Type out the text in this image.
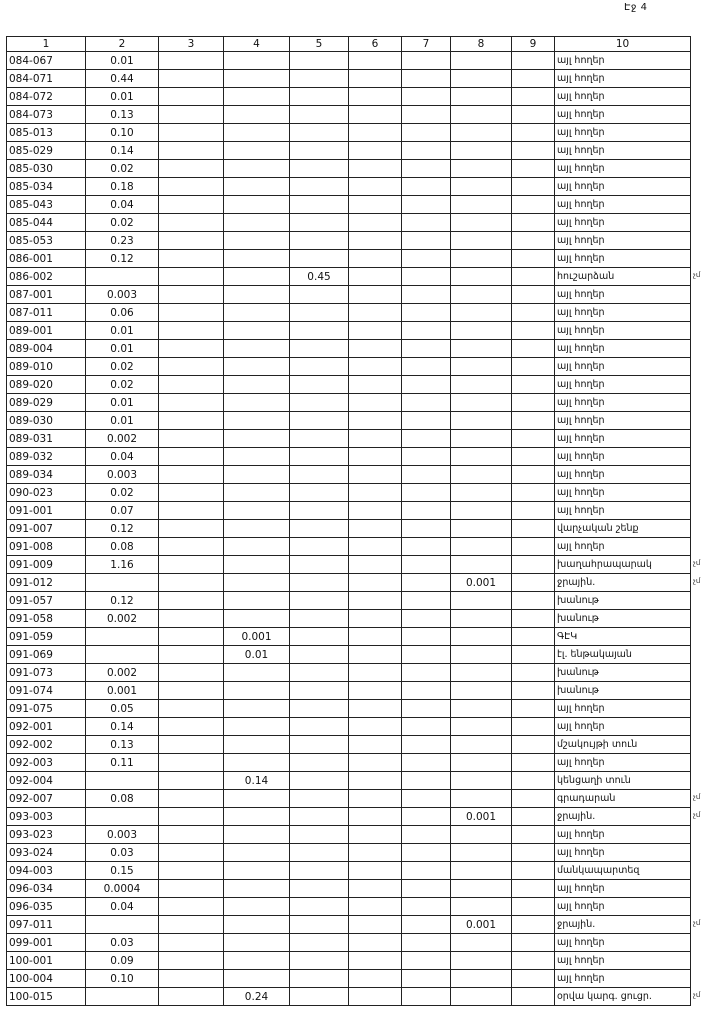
Էջ 4
1	2	3	4	5	6	7	8	9	10
084-067	0.01								այլ հողեր
084-071	0.44								այլ հողեր
084-072	0.01								այլ հողեր
084-073	0.13								այլ հողեր
085-013	0.10								այլ հողեր
085-029	0.14								այլ հողեր
085-030	0.02								այլ հողեր
085-034	0.18								այլ հողեր
085-043	0.04								այլ հողեր
085-044	0.02								այլ հողեր
085-053	0.23								այլ հողեր
086-001	0.12								այլ հողեր
086-002				0.45					հուշարձան
087-001	0.003								այլ հողեր
087-011	0.06								այլ հողեր
089-001	0.01								այլ հողեր
089-004	0.01								այլ հողեր
089-010	0.02								այլ հողեր
089-020	0.02								այլ հողեր
089-029	0.01								այլ հողեր
089-030	0.01								այլ հողեր
089-031	0.002								այլ հողեր
089-032	0.04								այլ հողեր
089-034	0.003								այլ հողեր
090-023	0.02								այլ հողեր
091-001	0.07								այլ հողեր
091-007	0.12								վարչական շենք
091-008	0.08								այլ հողեր
091-009	1.16								խաղահրապարակ
091-012							0.001		ջրային.
091-057	0.12								խանութ
091-058	0.002								խանութ
091-059			0.001						ԳԷԿ
091-069			0.01						էլ. ենթակայան
091-073	0.002								խանութ
091-074	0.001								խանութ
091-075	0.05								այլ հողեր
092-001	0.14								այլ հողեր
092-002	0.13								մշակույթի տուն
092-003	0.11								այլ հողեր
092-004			0.14						կենցաղի տուն
092-007	0.08								գրադարան
093-003							0.001		ջրային.
093-023	0.003								այլ հողեր
093-024	0.03								այլ հողեր
094-003	0.15								մանկապարտեզ
096-034	0.0004								այլ հողեր
096-035	0.04								այլ հողեր
097-011							0.001		ջրային.
099-001	0.03								այլ հողեր
100-001	0.09								այլ հողեր
100-004	0.10								այլ հողեր
100-015			0.24						օրվա կարգ. ցուցր.
չմ
չմ
չմ
չմ
չմ
չմ
չմ
